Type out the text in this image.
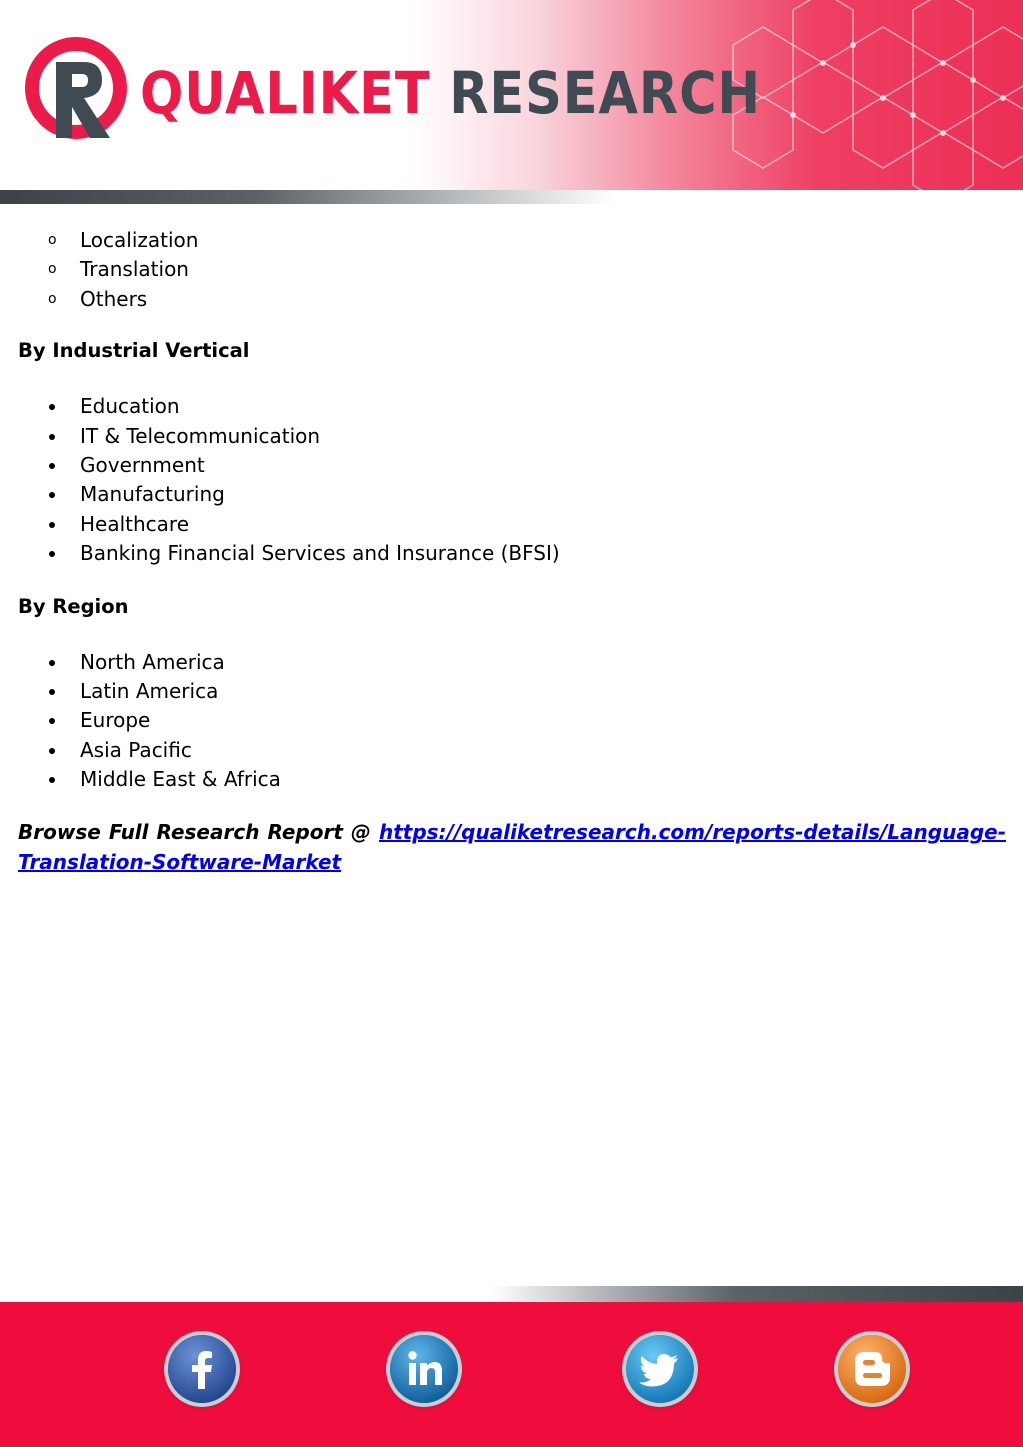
QUALIKET RESEARCH
o Localization
o Translation
o Others

By Industrial Vertical

Education
IT & Telecommunication
Government
Manufacturing
Healthcare
Banking Financial Services and Insurance (BFSI)

By Region

North America
Latin America
Europe
Asia Pacific
Middle East & Africa

Browse Full Research Report @ https://qualiketresearch.com/reports-details/Language-Translation-Software-Market
